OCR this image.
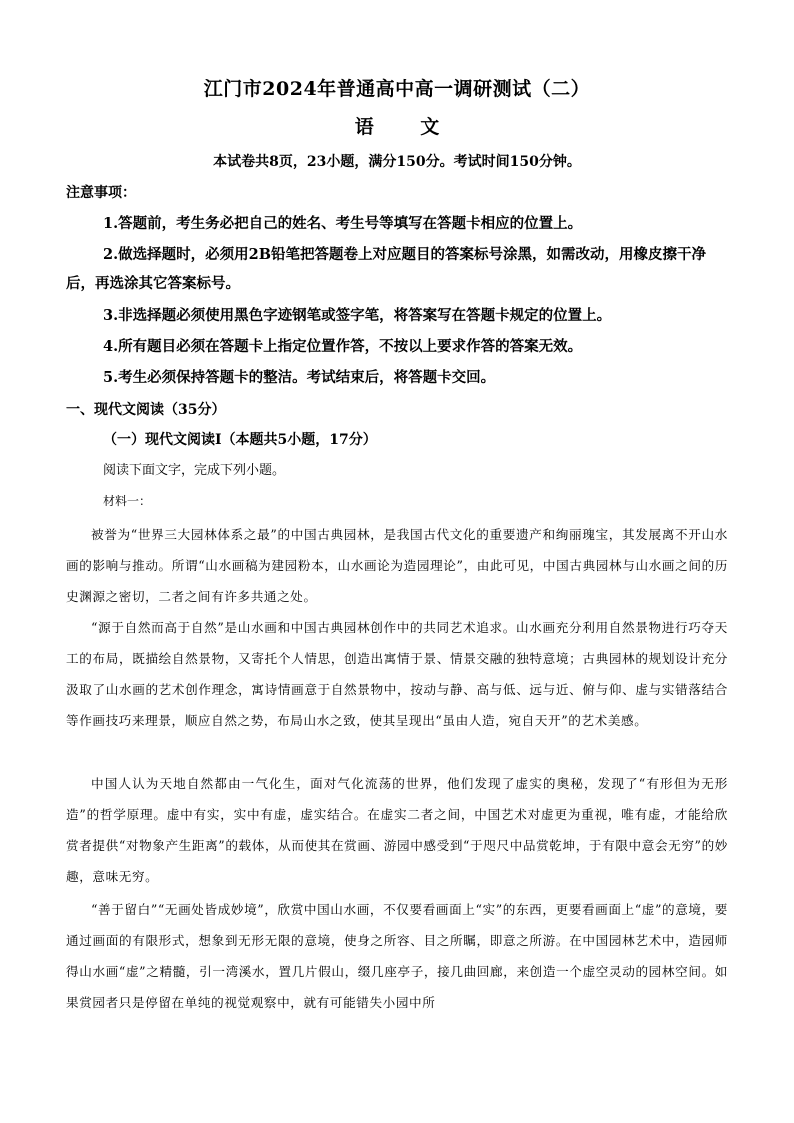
江门市2024年普通高中高一调研测试（二）
语 文
本试卷共8页，23小题，满分150分。考试时间150分钟。
注意事项：
1.答题前，考生务必把自己的姓名、考生号等填写在答题卡相应的位置上。
2.做选择题时，必须用2B铅笔把答题卷上对应题目的答案标号涂黑，如需改动，用橡皮擦干净后，再选涂其它答案标号。
3.非选择题必须使用黑色字迹钢笔或签字笔，将答案写在答题卡规定的位置上。
4.所有题目必须在答题卡上指定位置作答，不按以上要求作答的答案无效。
5.考生必须保持答题卡的整洁。考试结束后，将答题卡交回。
一、现代文阅读（35分）
（一）现代文阅读Ⅰ（本题共5小题，17分）
阅读下面文字，完成下列小题。
材料一：
被誉为“世界三大园林体系之最”的中国古典园林，是我国古代文化的重要遗产和绚丽瑰宝，其发展离不开山水画的影响与推动。所谓“山水画稿为建园粉本，山水画论为造园理论”，由此可见，中国古典园林与山水画之间的历史渊源之密切，二者之间有许多共通之处。
“源于自然而高于自然”是山水画和中国古典园林创作中的共同艺术追求。山水画充分利用自然景物进行巧夺天工的布局，既描绘自然景物，又寄托个人情思，创造出寓情于景、情景交融的独特意境；古典园林的规划设计充分汲取了山水画的艺术创作理念，寓诗情画意于自然景物中，按动与静、高与低、远与近、俯与仰、虚与实错落结合等作画技巧来理景，顺应自然之势，布局山水之致，使其呈现出“虽由人造，宛自天开”的艺术美感。
中国人认为天地自然都由一气化生，面对气化流荡的世界，他们发现了虚实的奥秘，发现了“有形但为无形造”的哲学原理。虚中有实，实中有虚，虚实结合。在虚实二者之间，中国艺术对虚更为重视，唯有虚，才能给欣赏者提供“对物象产生距离”的载体，从而使其在赏画、游园中感受到“于咫尺中品赏乾坤，于有限中意会无穷”的妙趣，意味无穷。
“善于留白”“无画处皆成妙境”，欣赏中国山水画，不仅要看画面上“实”的东西，更要看画面上“虚”的意境，要通过画面的有限形式，想象到无形无限的意境，使身之所容、目之所瞩，即意之所游。在中国园林艺术中，造园师得山水画“虚”之精髓，引一湾溪水，置几片假山，缀几座亭子，接几曲回廊，来创造一个虚空灵动的园林空间。如果赏园者只是停留在单纯的视觉观察中，就有可能错失小园中所
